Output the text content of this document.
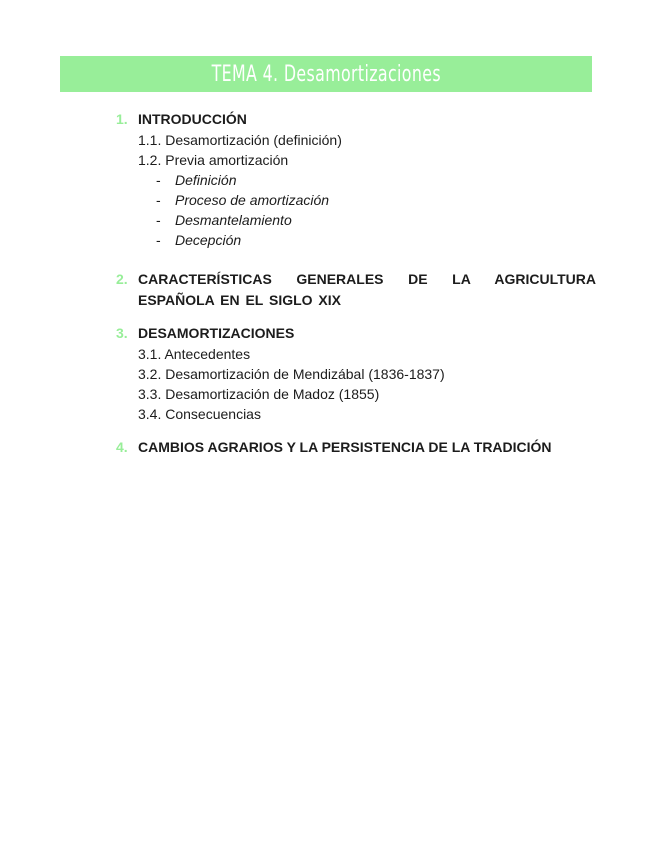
TEMA 4. Desamortizaciones
1. INTRODUCCIÓN
1.1. Desamortización (definición)
1.2. Previa amortización
-	Definición
-	Proceso de amortización
-	Desmantelamiento
-	Decepción
2. CARACTERÍSTICAS GENERALES DE LA AGRICULTURA ESPAÑOLA EN EL SIGLO XIX
3. DESAMORTIZACIONES
3.1. Antecedentes
3.2. Desamortización de Mendizábal (1836-1837)
3.3. Desamortización de Madoz (1855)
3.4. Consecuencias
4. CAMBIOS AGRARIOS Y LA PERSISTENCIA DE LA TRADICIÓN
